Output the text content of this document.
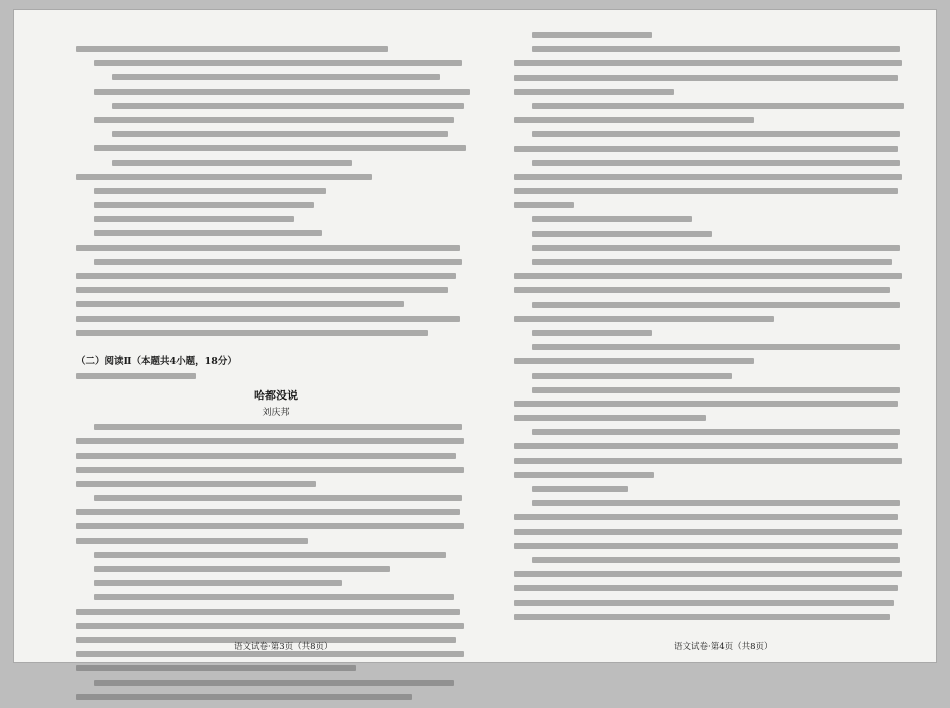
（二）阅读Ⅱ（本题共4小题，18分）
哈都没说
刘庆邦
语文试卷·第3页（共8页）	语文试卷·第4页（共8页）
